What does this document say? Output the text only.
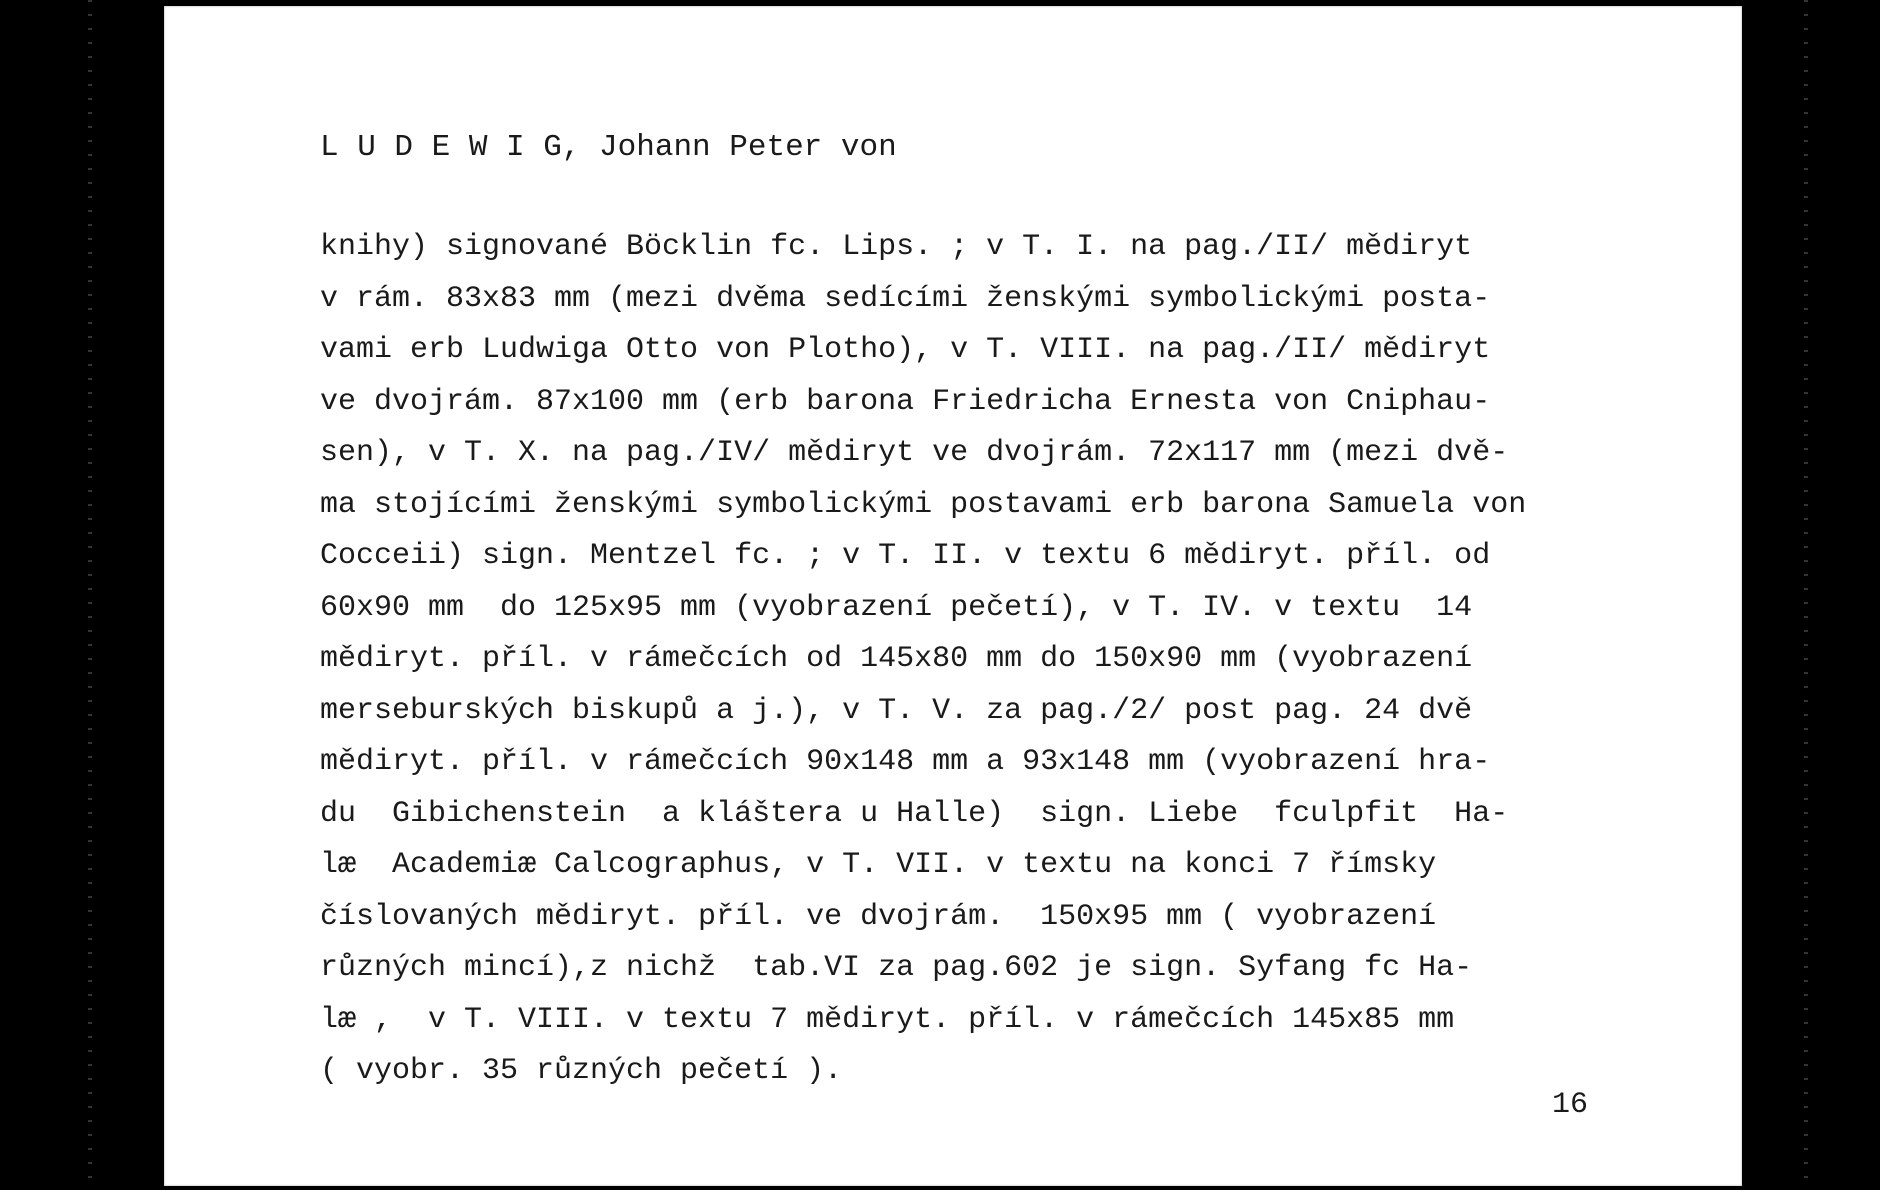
L U D E W I G, Johann Peter von
knihy) signované Böcklin fc. Lips. ; v T. I. na pag./II/ mědiryt
v rám. 83x83 mm (mezi dvěma sedícími ženskými symbolickými posta-
vami erb Ludwiga Otto von Plotho), v T. VIII. na pag./II/ mědiryt
ve dvojrám. 87x100 mm (erb barona Friedricha Ernesta von Cniphau-
sen), v T. X. na pag./IV/ mědiryt ve dvojrám. 72x117 mm (mezi dvě-
ma stojícími ženskými symbolickými postavami erb barona Samuela von
Cocceii) sign. Mentzel fc. ; v T. II. v textu 6 mědiryt. příl. od
60x90 mm  do 125x95 mm (vyobrazení pečetí), v T. IV. v textu  14
mědiryt. příl. v rámečcích od 145x80 mm do 150x90 mm (vyobrazení
merseburských biskupů a j.), v T. V. za pag./2/ post pag. 24 dvě
mědiryt. příl. v rámečcích 90x148 mm a 93x148 mm (vyobrazení hra-
du  Gibichenstein  a kláštera u Halle)  sign. Liebe  fculpfit  Ha-
læ  Academiæ Calcographus, v T. VII. v textu na konci 7 římsky
číslovaných mědiryt. příl. ve dvojrám.  150x95 mm ( vyobrazení
různých mincí),z nichž  tab.VI za pag.602 je sign. Syfang fc Ha-
læ ,  v T. VIII. v textu 7 mědiryt. příl. v rámečcích 145x85 mm
( vyobr. 35 různých pečetí ).
16
